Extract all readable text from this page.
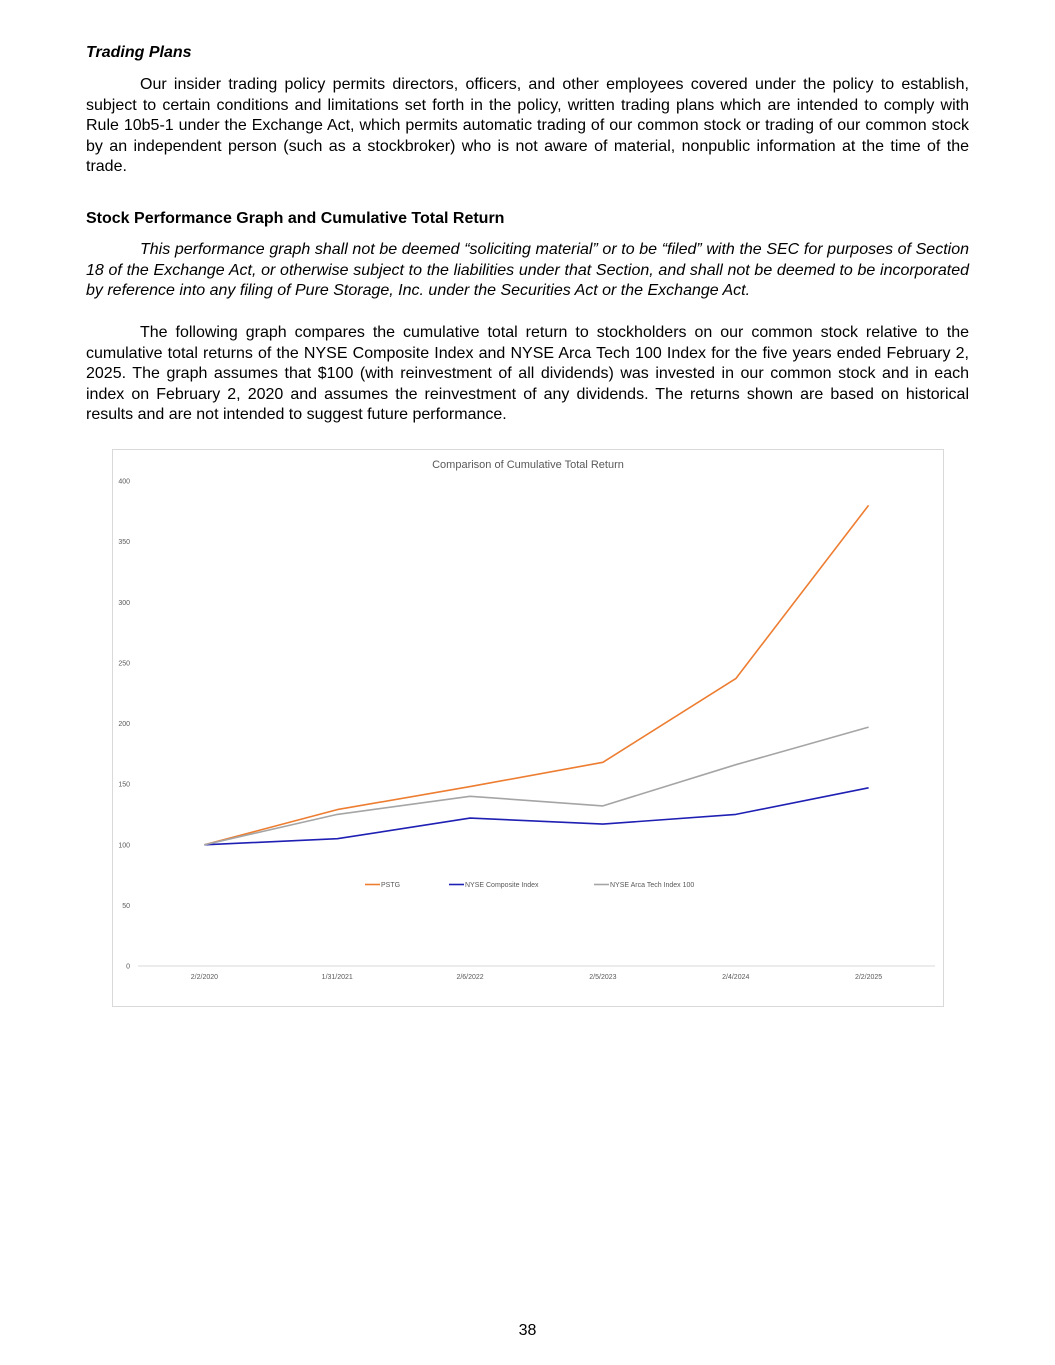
Trading Plans

Our insider trading policy permits directors, officers, and other employees covered under the policy to establish, subject to certain conditions and limitations set forth in the policy, written trading plans which are intended to comply with Rule 10b5-1 under the Exchange Act, which permits automatic trading of our common stock or trading of our common stock by an independent person (such as a stockbroker) who is not aware of material, nonpublic information at the time of the trade.

Stock Performance Graph and Cumulative Total Return

This performance graph shall not be deemed “soliciting material” or to be “filed” with the SEC for purposes of Section 18 of the Exchange Act, or otherwise subject to the liabilities under that Section, and shall not be deemed to be incorporated by reference into any filing of Pure Storage, Inc. under the Securities Act or the Exchange Act.

The following graph compares the cumulative total return to stockholders on our common stock relative to the cumulative total returns of the NYSE Composite Index and NYSE Arca Tech 100 Index for the five years ended February 2, 2025. The graph assumes that $100 (with reinvestment of all dividends) was invested in our common stock and in each index on February 2, 2020 and assumes the reinvestment of any dividends. The returns shown are based on historical results and are not intended to suggest future performance.

Comparison of Cumulative Total Return
0
50
100
150
200
250
300
350
400
2/2/2020	1/31/2021	2/6/2022	2/5/2023	2/4/2024	2/2/2025
PSTG	NYSE Composite Index	NYSE Arca Tech Index 100
38
